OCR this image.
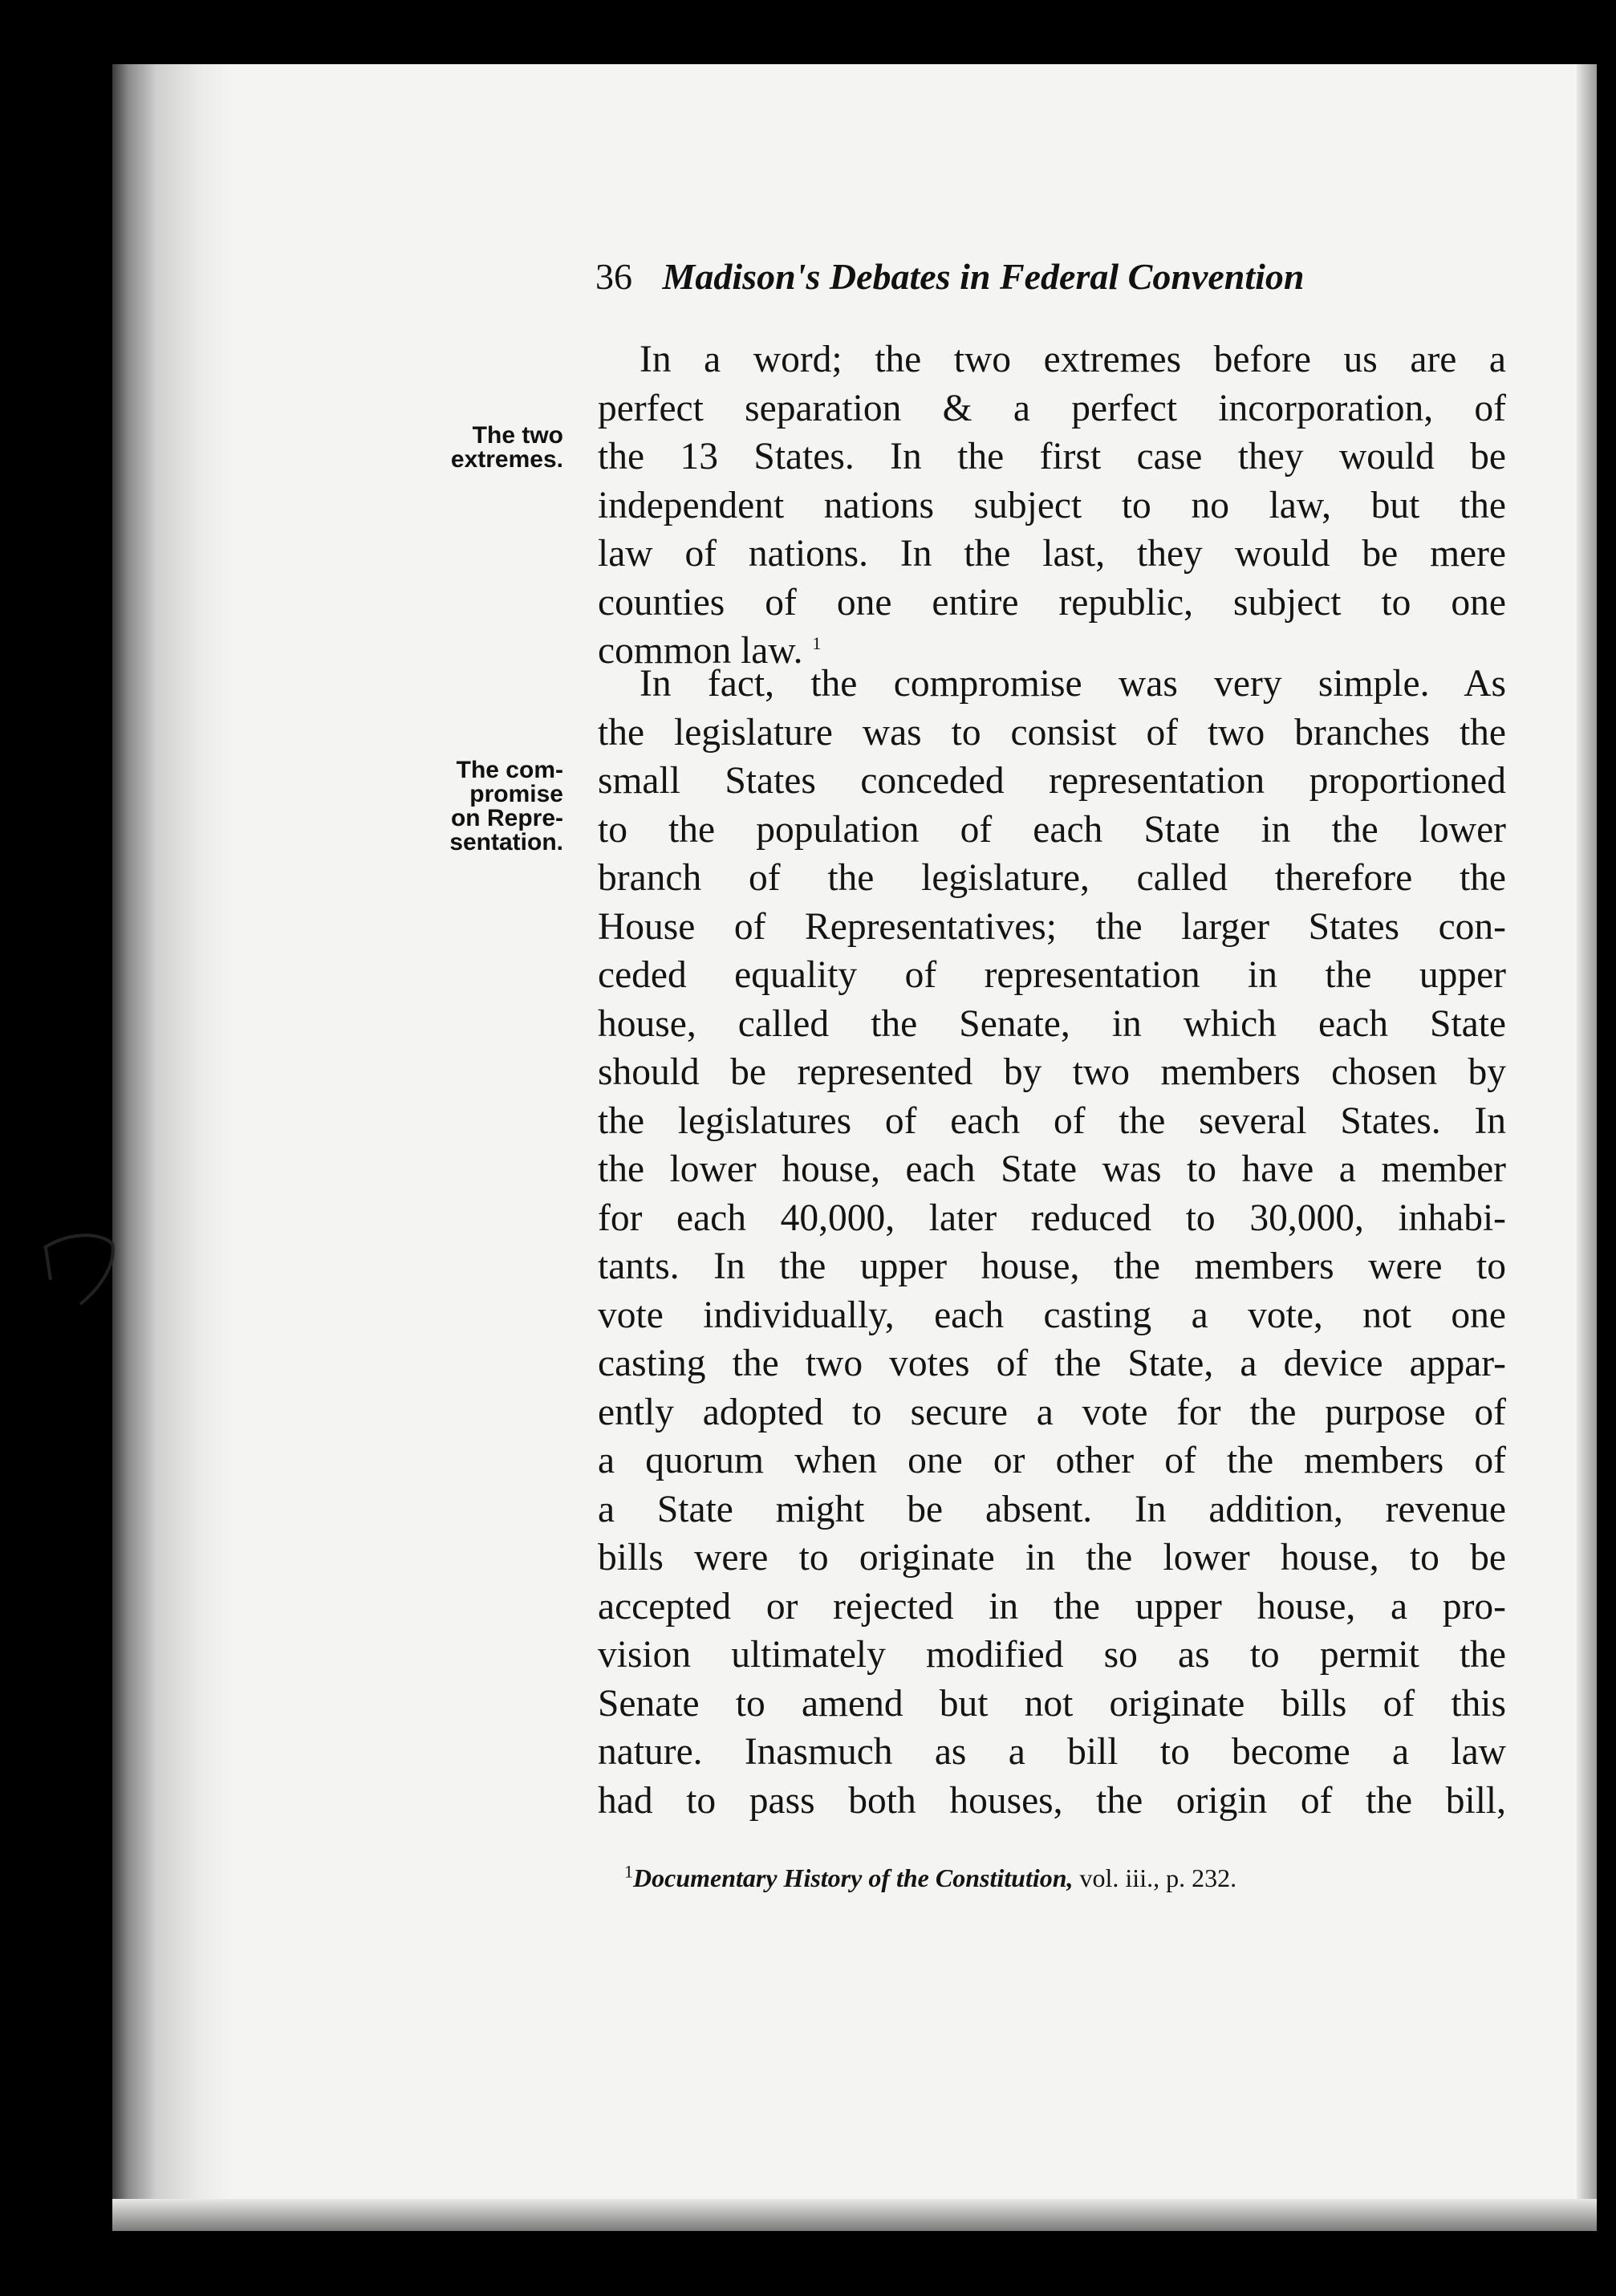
36 Madison's Debates in Federal Convention
The two
extremes.
The com-
promise
on Repre-
sentation.
In a word; the two extremes before us are a
perfect separation & a perfect incorporation, of
the 13 States. In the first case they would be
independent nations subject to no law, but the
law of nations. In the last, they would be mere
counties of one entire republic, subject to one
common law. $^1$
In fact, the compromise was very simple. As
the legislature was to consist of two branches the
small States conceded representation proportioned
to the population of each State in the lower
branch of the legislature, called therefore the
House of Representatives; the larger States con-
ceded equality of representation in the upper
house, called the Senate, in which each State
should be represented by two members chosen by
the legislatures of each of the several States. In
the lower house, each State was to have a member
for each 40,000, later reduced to 30,000, inhabi-
tants. In the upper house, the members were to
vote individually, each casting a vote, not one
casting the two votes of the State, a device appar-
ently adopted to secure a vote for the purpose of
a quorum when one or other of the members of
a State might be absent. In addition, revenue
bills were to originate in the lower house, to be
accepted or rejected in the upper house, a pro-
vision ultimately modified so as to permit the
Senate to amend but not originate bills of this
nature. Inasmuch as a bill to become a law
had to pass both houses, the origin of the bill,
$^1$Documentary History of the Constitution, vol. iii., p. 232.
